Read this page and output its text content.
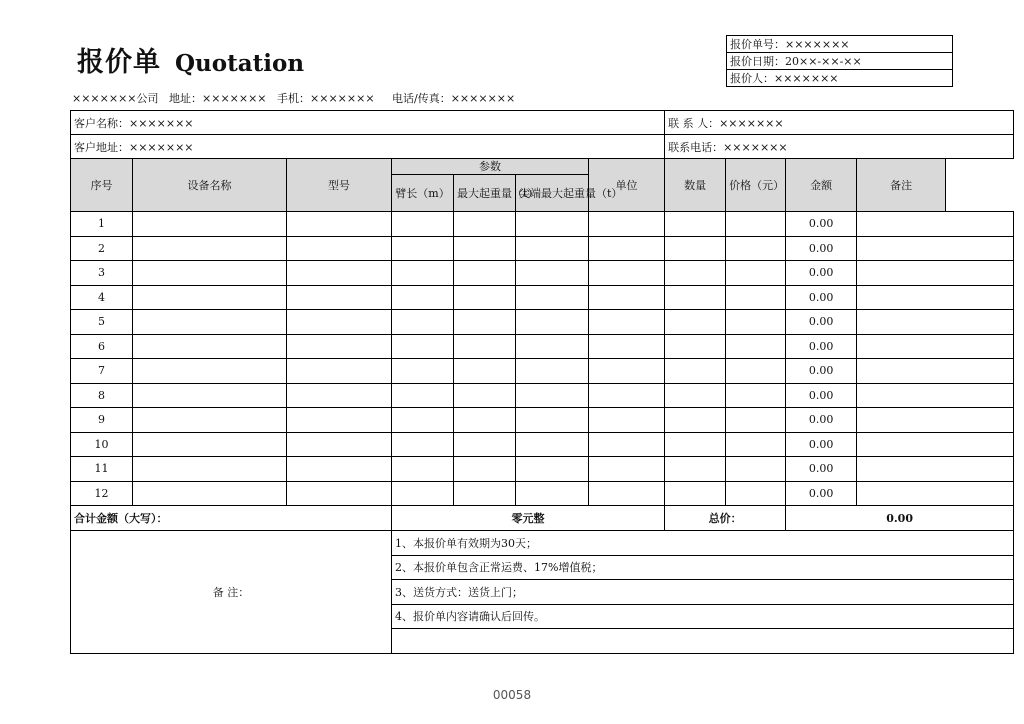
报价单 Quotation
报价单号：×××××××
报价日期：20××-××-××
报价人：×××××××
×××××××公司   地址：×××××××   手机：×××××××     电话/传真：×××××××
客户名称：×××××××							联 系 人：×××××××			
客户地址：×××××××							联系电话：×××××××			
序号	设备名称	型号	参数			单位	数量	价格（元）	金额	备注
			臂长（m）	最大起重量（t）	尖端最大起重量（t）					
1									0.00	
2									0.00	
3									0.00	
4									0.00	
5									0.00	
6									0.00	
7									0.00	
8									0.00	
9									0.00	
10									0.00	
11									0.00	
12									0.00	
合计金额（大写）：			零元整				总价：		0.00	
备 注：			1、本报价单有效期为30天；							
			2、本报价单包含正常运费、17%增值税；							
			3、送货方式：送货上门；							
			4、报价单内容请确认后回传。							

00058
